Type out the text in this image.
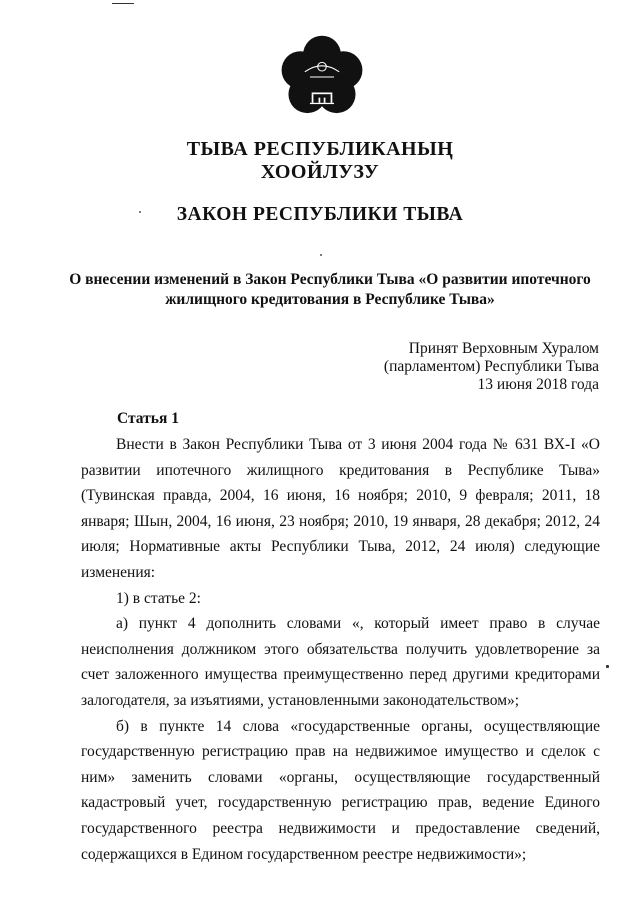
ТЫВА РЕСПУБЛИКАНЫҢ
ХООЙЛУЗУ
ЗАКОН РЕСПУБЛИКИ ТЫВА
О внесении изменений в Закон Республики Тыва «О развитии ипотечного жилищного кредитования в Республике Тыва»
Принят Верховным Хуралом
(парламентом) Республики Тыва
13 июня 2018 года
Статья 1

Внести в Закон Республики Тыва от 3 июня 2004 года № 631 ВХ-I «О развитии ипотечного жилищного кредитования в Республике Тыва» (Тувинская правда, 2004, 16 июня, 16 ноября; 2010, 9 февраля; 2011, 18 января; Шын, 2004, 16 июня, 23 ноября; 2010, 19 января, 28 декабря; 2012, 24 июля; Нормативные акты Республики Тыва, 2012, 24 июля) следующие изменения:

1) в статье 2:

а) пункт 4 дополнить словами «, который имеет право в случае неисполнения должником этого обязательства получить удовлетворение за счет заложенного имущества преимущественно перед другими кредиторами залогодателя, за изъятиями, установленными законодательством»;

б) в пункте 14 слова «государственные органы, осуществляющие государственную регистрацию прав на недвижимое имущество и сделок с ним» заменить словами «органы, осуществляющие государственный кадастровый учет, государственную регистрацию прав, ведение Единого государственного реестра недвижимости и предоставление сведений, содержащихся в Едином государственном реестре недвижимости»;
